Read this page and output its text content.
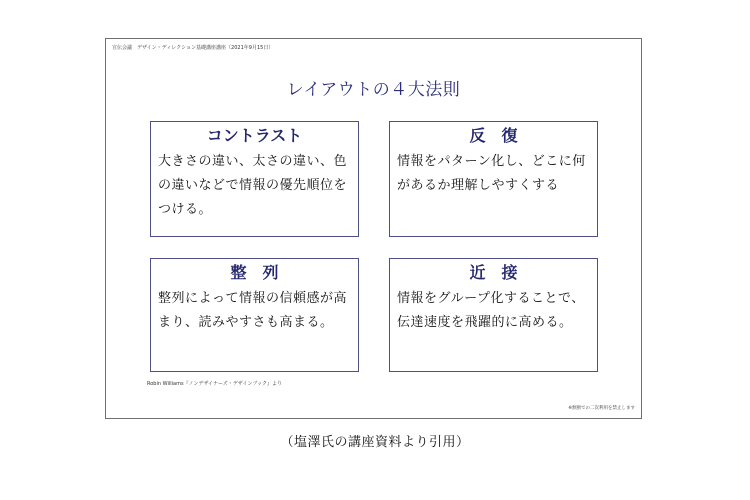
宣伝会議　デザイン・ディレクション基礎講座講座（2021年9月15日）
レイアウトの４大法則
コントラスト
大きさの違い、太さの違い、色の違いなどで情報の優先順位をつける。
反　復
情報をパターン化し、どこに何があるか理解しやすくする
整　列
整列によって情報の信頼感が高まり、読みやすさも高まる。
近　接
情報をグループ化することで、伝達速度を飛躍的に高める。
Robin Williams『ノンデザイナーズ・デザインブック』より
※無断での二次利用を禁止します
（塩澤氏の講座資料より引用）
